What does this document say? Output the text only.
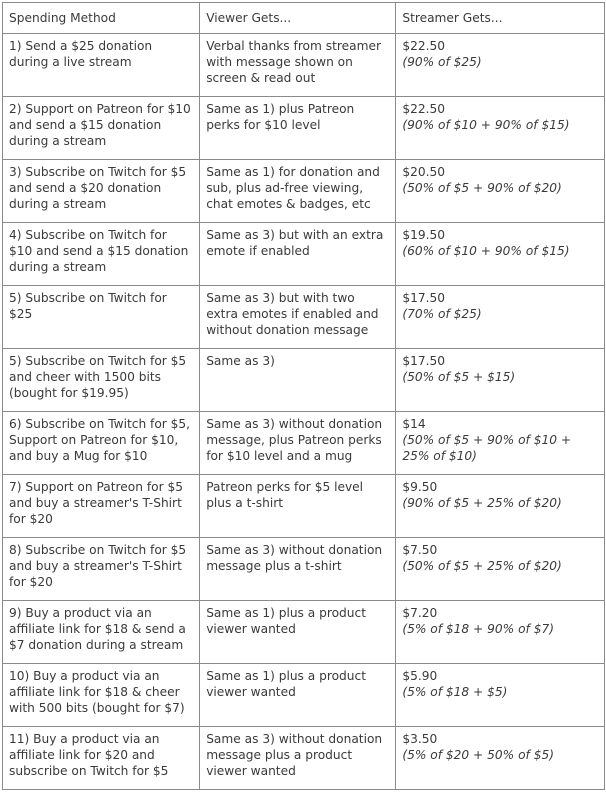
Spending Method	Viewer Gets...	Streamer Gets...
1) Send a $25 donation during a live stream	Verbal thanks from streamer with message shown on screen & read out	$22.50
(90% of $25)

2) Support on Patreon for $10 and send a $15 donation during a stream	Same as 1) plus Patreon perks for $10 level	$22.50
(90% of $10 + 90% of $15)

3) Subscribe on Twitch for $5 and send a $20 donation during a stream	Same as 1) for donation and sub, plus ad-free viewing, chat emotes & badges, etc	$20.50
(50% of $5 + 90% of $20)

4) Subscribe on Twitch for $10 and send a $15 donation during a stream	Same as 3) but with an extra emote if enabled	$19.50
(60% of $10 + 90% of $15)

5) Subscribe on Twitch for $25	Same as 3) but with two extra emotes if enabled and without donation message	$17.50
(70% of $25)

5) Subscribe on Twitch for $5 and cheer with 1500 bits (bought for $19.95)	Same as 3)	$17.50
(50% of $5 + $15)

6) Subscribe on Twitch for $5, Support on Patreon for $10, and buy a Mug for $10	Same as 3) without donation message, plus Patreon perks for $10 level and a mug	$14
(50% of $5 + 90% of $10 + 25% of $10)

7) Support on Patreon for $5 and buy a streamer's T-Shirt for $20	Patreon perks for $5 level plus a t-shirt	$9.50
(90% of $5 + 25% of $20)

8) Subscribe on Twitch for $5 and buy a streamer's T-Shirt for $20	Same as 3) without donation message plus a t-shirt	$7.50
(50% of $5 + 25% of $20)

9) Buy a product via an affiliate link for $18 & send a $7 donation during a stream	Same as 1) plus a product viewer wanted	$7.20
(5% of $18 + 90% of $7)

10) Buy a product via an affiliate link for $18 & cheer with 500 bits (bought for $7)	Same as 1) plus a product viewer wanted	$5.90
(5% of $18 + $5)

11) Buy a product via an affiliate link for $20 and subscribe on Twitch for $5	Same as 3) without donation message plus a product viewer wanted	$3.50
(5% of $20 + 50% of $5)
